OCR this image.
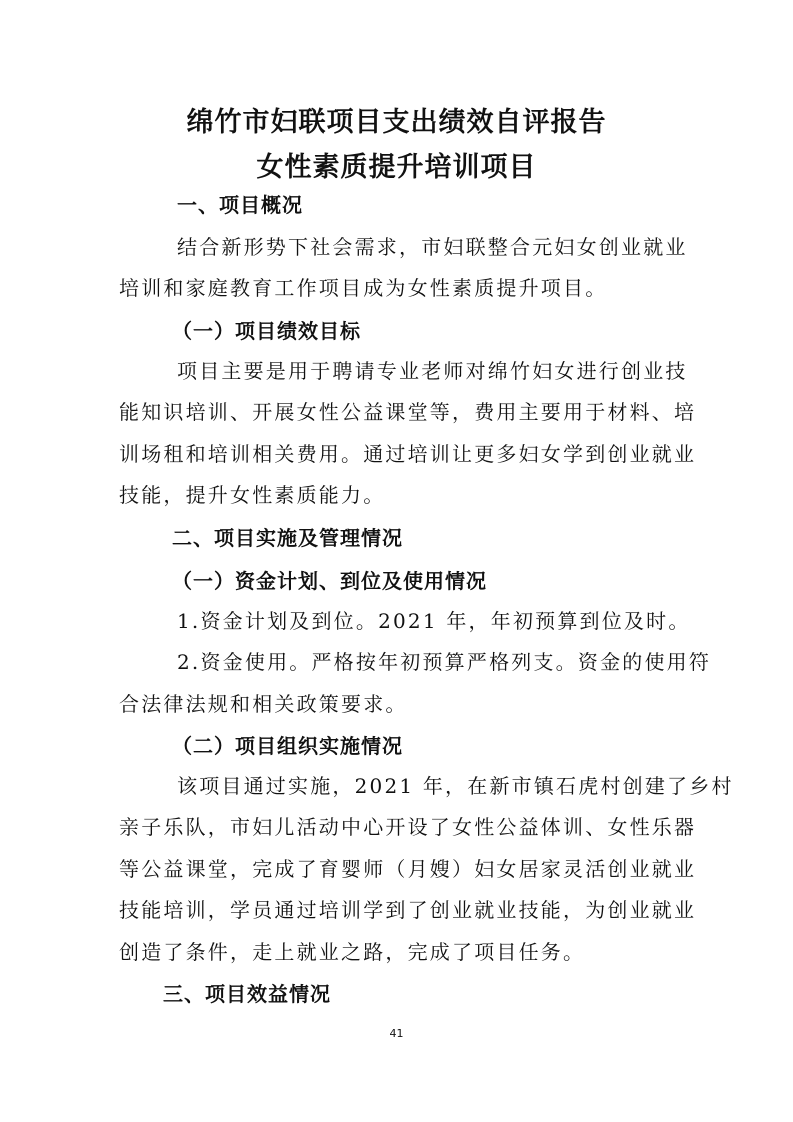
绵竹市妇联项目支出绩效自评报告
女性素质提升培训项目
一、项目概况

结合新形势下社会需求，市妇联整合元妇女创业就业

培训和家庭教育工作项目成为女性素质提升项目。

（一）项目绩效目标

项目主要是用于聘请专业老师对绵竹妇女进行创业技

能知识培训、开展女性公益课堂等，费用主要用于材料、培

训场租和培训相关费用。通过培训让更多妇女学到创业就业

技能，提升女性素质能力。

二、项目实施及管理情况
（一）资金计划、到位及使用情况

1.资金计划及到位。2021 年，年初预算到位及时。

2.资金使用。严格按年初预算严格列支。资金的使用符

合法律法规和相关政策要求。

（二）项目组织实施情况

该项目通过实施，2021 年，在新市镇石虎村创建了乡村

亲子乐队，市妇儿活动中心开设了女性公益体训、女性乐器

等公益课堂，完成了育婴师（月嫂）妇女居家灵活创业就业

技能培训，学员通过培训学到了创业就业技能，为创业就业

创造了条件，走上就业之路，完成了项目任务。

三、项目效益情况
41
